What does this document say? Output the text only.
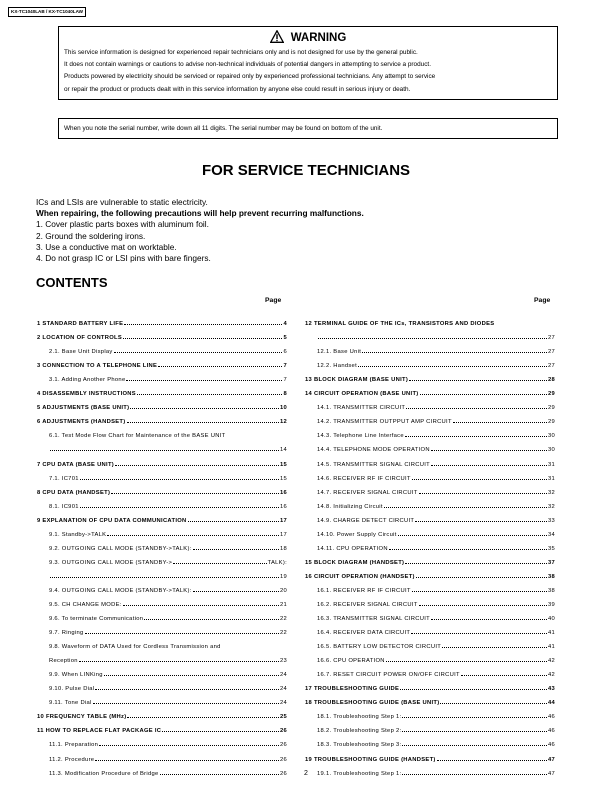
KX-TC1040LAB / KX-TC1040LAW
WARNING
This service information is designed for experienced repair technicians only and is not designed for use by the general public.
It does not contain warnings or cautions to advise non-technical individuals of potential dangers in attempting to service a product.
Products powered by electricity should be serviced or repaired only by experienced professional technicians. Any attempt to service
or repair the product or products dealt with in this service information by anyone else could result in serious injury or death.
When you note the serial number, write down all 11 digits. The serial number may be found on bottom of the unit.
FOR SERVICE TECHNICIANS
ICs and LSIs are vulnerable to static electricity.
When repairing, the following precautions will help prevent recurring malfunctions.
1. Cover plastic parts boxes with aluminum foil.
2. Ground the soldering irons.
3. Use a conductive mat on worktable.
4. Do not grasp IC or LSI pins with bare fingers.
CONTENTS
Page	Page
1 STANDARD BATTERY LIFE	4
2 LOCATION OF CONTROLS	5
2.1. Base Unit Display	6
3 CONNECTION TO A TELEPHONE LINE	7
3.1. Adding Another Phone	7
4 DISASSEMBLY INSTRUCTIONS	8
5 ADJUSTMENTS (BASE UNIT)	10
6 ADJUSTMENTS (HANDSET)	12
6.1. Test Mode Flow Chart for Maintenance of the BASE UNIT
14
7 CPU DATA (BASE UNIT)	15
7.1. IC701	15
8 CPU DATA (HANDSET)	16
8.1. IC901	16
9 EXPLANATION OF CPU DATA COMMUNICATION	17
9.1. Standby->TALK	17
9.2. OUTGOING CALL MODE (STANDBY->TALK):	18
9.3. OUTGOING CALL MODE (STANDBY->	TALK):
19
9.4. OUTGOING CALL MODE (STANDBY->TALK):	20
9.5. CH CHANGE MODE:	21
9.6. To terminate Communication	22
9.7. Ringing	22
9.8. Waveform of DATA Used for Cordless Transmission and
Reception	23
9.9. When LINKing	24
9.10. Pulse Dial	24
9.11. Tone Dial	24
10 FREQUENCY TABLE (MHz)	25
11 HOW TO REPLACE FLAT PACKAGE IC	26
11.1. Preparation	26
11.2. Procedure	26
11.3. Modification Procedure of Bridge	26
12 TERMINAL GUIDE OF THE ICs, TRANSISTORS AND DIODES
27
12.1. Base Unit	27
12.2. Handset	27
13 BLOCK DIAGRAM (BASE UNIT)	28
14 CIRCUIT OPERATION (BASE UNIT)	29
14.1. TRANSMITTER CIRCUIT	29
14.2. TRANSMITTER OUTPPUT AMP CIRCUIT	29
14.3. Telephone Line Interface	30
14.4. TELEPHONE MODE OPERATION	30
14.5. TRANSMITTER SIGNAL CIRCUIT	31
14.6. RECEIVER RF IF CIRCUIT	31
14.7. RECEIVER SIGNAL CIRCUIT	32
14.8. Initializing Circuit	32
14.9. CHARGE DETECT CIRCUIT	33
14.10. Power Supply Circuit	34
14.11. CPU OPERATION	35
15 BLOCK DIAGRAM (HANDSET)	37
16 CIRCUIT OPERATION (HANDSET)	38
16.1. RECEIVER RF IF CIRCUIT	38
16.2. RECEIVER SIGNAL CIRCUIT	39
16.3. TRANSMITTER SIGNAL CIRCUIT	40
16.4. RECEIVER DATA CIRCUIT	41
16.5. BATTERY LOW DETECTOR CIRCUIT	41
16.6. CPU OPERATION	42
16.7. RESET CIRCUIT POWER ON/OFF CIRCUIT	42
17 TROUBLESHOOTING GUIDE	43
18 TROUBLESHOOTING GUIDE (BASE UNIT)	44
18.1. Troubleshooting Step 1:	46
18.2. Troubleshooting Step 2:	46
18.3. Troubleshooting Step 3:	46
19 TROUBLESHOOTING GUIDE (HANDSET)	47
19.1. Troubleshooting Step 1:	47
2
